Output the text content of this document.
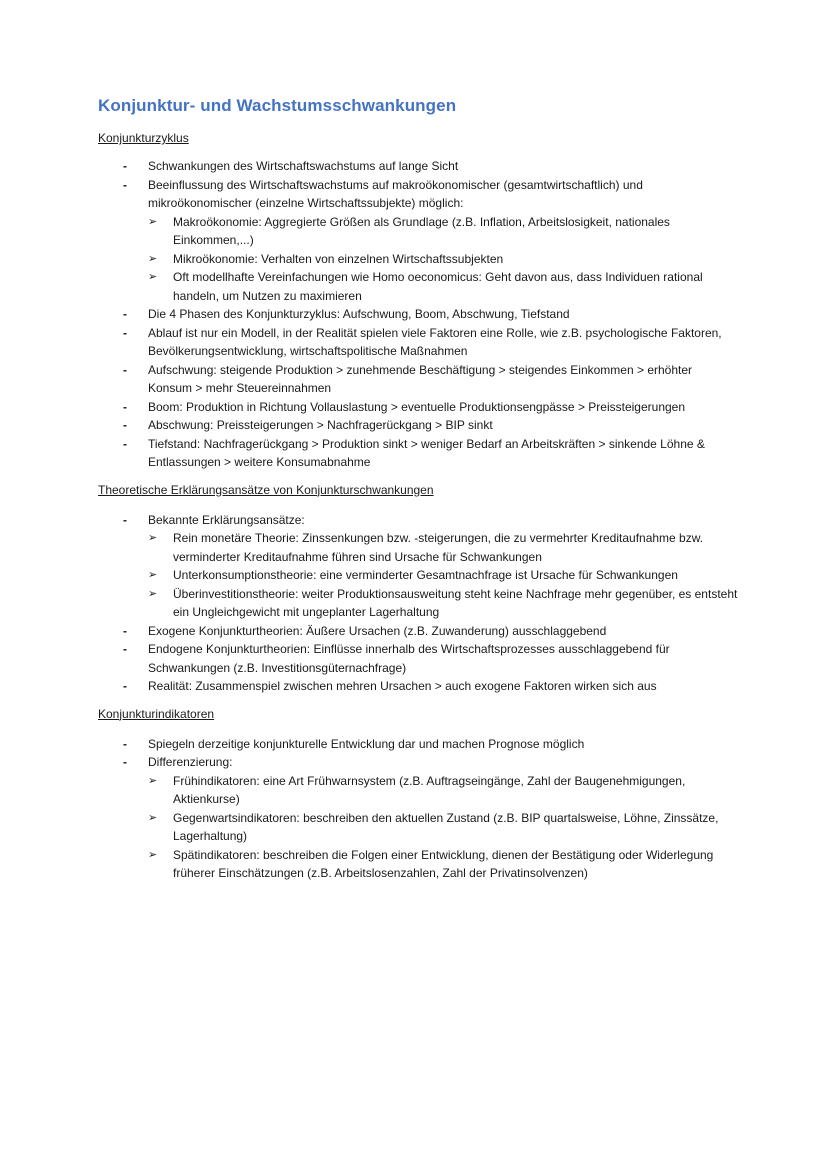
Konjunktur- und Wachstumsschwankungen
Konjunkturzyklus
- Schwankungen des Wirtschaftswachstums auf lange Sicht
- Beeinflussung des Wirtschaftswachstums auf makroökonomischer (gesamtwirtschaftlich) und mikroökonomischer (einzelne Wirtschaftssubjekte) möglich:
➢ Makroökonomie: Aggregierte Größen als Grundlage (z.B. Inflation, Arbeitslosigkeit, nationales Einkommen,...)
➢ Mikroökonomie: Verhalten von einzelnen Wirtschaftssubjekten
➢ Oft modellhafte Vereinfachungen wie Homo oeconomicus: Geht davon aus, dass Individuen rational handeln, um Nutzen zu maximieren
- Die 4 Phasen des Konjunkturzyklus: Aufschwung, Boom, Abschwung, Tiefstand
- Ablauf ist nur ein Modell, in der Realität spielen viele Faktoren eine Rolle, wie z.B. psychologische Faktoren, Bevölkerungsentwicklung, wirtschaftspolitische Maßnahmen
- Aufschwung: steigende Produktion > zunehmende Beschäftigung > steigendes Einkommen > erhöhter Konsum > mehr Steuereinnahmen
- Boom: Produktion in Richtung Vollauslastung > eventuelle Produktionsengpässe > Preissteigerungen
- Abschwung: Preissteigerungen > Nachfragerückgang > BIP sinkt
- Tiefstand: Nachfragerückgang > Produktion sinkt > weniger Bedarf an Arbeitskräften > sinkende Löhne & Entlassungen > weitere Konsumabnahme
Theoretische Erklärungsansätze von Konjunkturschwankungen
- Bekannte Erklärungsansätze:
➢ Rein monetäre Theorie: Zinssenkungen bzw. -steigerungen, die zu vermehrter Kreditaufnahme bzw. verminderter Kreditaufnahme führen sind Ursache für Schwankungen
➢ Unterkonsumptionstheorie: eine verminderter Gesamtnachfrage ist Ursache für Schwankungen
➢ Überinvestitionstheorie: weiter Produktionsausweitung steht keine Nachfrage mehr gegenüber, es entsteht ein Ungleichgewicht mit ungeplanter Lagerhaltung
- Exogene Konjunkturtheorien: Äußere Ursachen (z.B. Zuwanderung) ausschlaggebend
- Endogene Konjunkturtheorien: Einflüsse innerhalb des Wirtschaftsprozesses ausschlaggebend für Schwankungen (z.B. Investitionsgüternachfrage)
- Realität: Zusammenspiel zwischen mehren Ursachen > auch exogene Faktoren wirken sich aus
Konjunkturindikatoren
- Spiegeln derzeitige konjunkturelle Entwicklung dar und machen Prognose möglich
- Differenzierung:
➢ Frühindikatoren: eine Art Frühwarnsystem (z.B. Auftragseingänge, Zahl der Baugenehmigungen, Aktienkurse)
➢ Gegenwartsindikatoren: beschreiben den aktuellen Zustand (z.B. BIP quartalsweise, Löhne, Zinssätze, Lagerhaltung)
➢ Spätindikatoren: beschreiben die Folgen einer Entwicklung, dienen der Bestätigung oder Widerlegung früherer Einschätzungen (z.B. Arbeitslosenzahlen, Zahl der Privatinsolvenzen)
